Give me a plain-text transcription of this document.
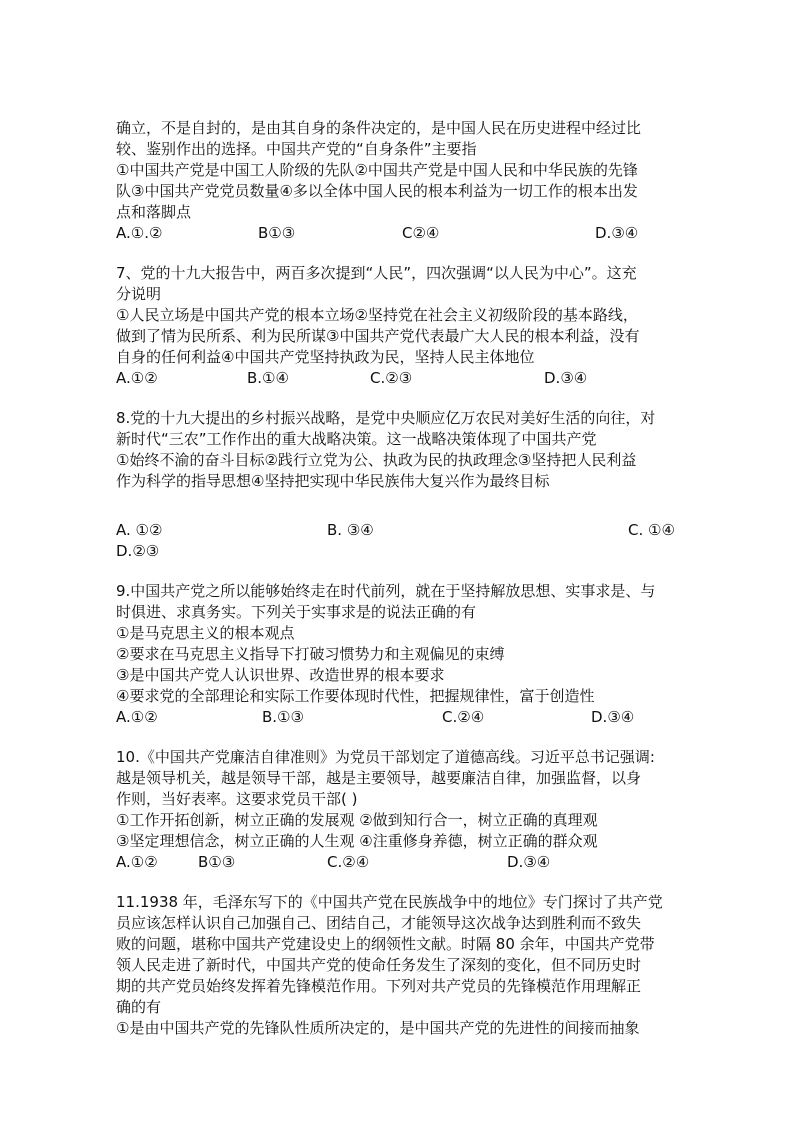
确立，不是自封的，是由其自身的条件决定的，是中国人民在历史进程中经过比
较、鉴别作出的选择。中国共产党的“自身条件”主要指
①中国共产党是中国工人阶级的先队②中国共产党是中国人民和中华民族的先锋
队③中国共产党党员数量④多以全体中国人民的根本利益为一切工作的根本出发
点和落脚点
A.①.②	B①③	C②④	D.③④
7、党的十九大报告中，两百多次提到“人民”，四次强调“以人民为中心”。这充
分说明
①人民立场是中国共产党的根本立场②坚持党在社会主义初级阶段的基本路线，
做到了情为民所系、利为民所谋③中国共产党代表最广大人民的根本利益，没有
自身的任何利益④中国共产党坚持执政为民，坚持人民主体地位
A.①②	B.①④	C.②③	D.③④
8.党的十九大提出的乡村振兴战略，是党中央顺应亿万农民对美好生活的向往，对
新时代“三农”工作作出的重大战略决策。这一战略决策体现了中国共产党
①始终不渝的奋斗目标②践行立党为公、执政为民的执政理念③坚持把人民利益
作为科学的指导思想④坚持把实现中华民族伟大复兴作为最终目标
A. ①②	B. ③④	C. ①④
D.②③
9.中国共产党之所以能够始终走在时代前列，就在于坚持解放思想、实事求是、与
时俱进、求真务实。下列关于实事求是的说法正确的有
①是马克思主义的根本观点
②要求在马克思主义指导下打破习惯势力和主观偏见的束缚
③是中国共产党人认识世界、改造世界的根本要求
④要求党的全部理论和实际工作要体现时代性，把握规律性，富于创造性
A.①②	B.①③	C.②④	D.③④
10.《中国共产党廉洁自律准则》为党员干部划定了道德高线。习近平总书记强调:
越是领导机关，越是领导干部，越是主要领导，越要廉洁自律，加强监督，以身
作则，当好表率。这要求党员干部( )
①工作开拓创新，树立正确的发展观 ②做到知行合一，树立正确的真理观
③坚定理想信念，树立正确的人生观 ④注重修身养德，树立正确的群众观
A.①②	B①③	C.②④	D.③④
11.1938 年，毛泽东写下的《中国共产党在民族战争中的地位》专门探讨了共产党
员应该怎样认识自己加强自己、团结自己，才能领导这次战争达到胜利而不致失
败的问题，堪称中国共产党建设史上的纲领性文献。时隔 80 余年，中国共产党带
领人民走进了新时代，中国共产党的使命任务发生了深刻的变化，但不同历史时
期的共产党员始终发挥着先锋模范作用。下列对共产党员的先锋模范作用理解正
确的有
①是由中国共产党的先锋队性质所决定的，是中国共产党的先进性的间接而抽象
